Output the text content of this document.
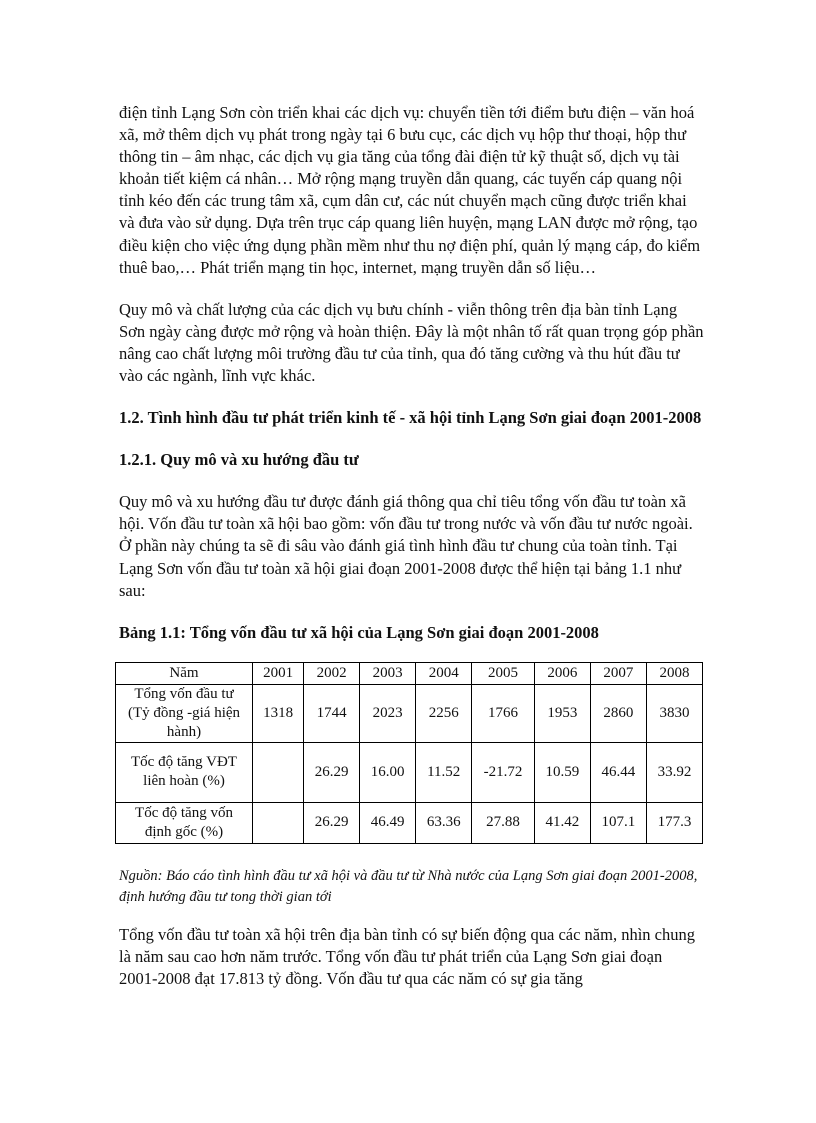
điện tỉnh Lạng Sơn còn triển khai các dịch vụ: chuyển tiền tới điểm bưu điện – văn hoá xã, mở thêm dịch vụ phát trong ngày tại 6 bưu cục, các dịch vụ hộp thư thoại, hộp thư thông tin – âm nhạc, các dịch vụ gia tăng của tổng đài điện tử kỹ thuật số, dịch vụ tài khoản tiết kiệm cá nhân… Mở rộng mạng truyền dẫn quang, các tuyến cáp quang nội tỉnh kéo đến các trung tâm xã, cụm dân cư, các nút chuyển mạch cũng được triển khai và đưa vào sử dụng. Dựa trên trục cáp quang liên huyện, mạng LAN được mở rộng, tạo điều kiện cho việc ứng dụng phần mềm như thu nợ điện phí, quản lý mạng cáp, đo kiểm thuê bao,… Phát triển mạng tin học, internet, mạng truyền dẫn số liệu…

Quy mô và chất lượng của các dịch vụ bưu chính - viễn thông trên địa bàn tỉnh Lạng Sơn ngày càng được mở rộng và hoàn thiện. Đây là một nhân tố rất quan trọng góp phần nâng cao chất lượng môi trường đầu tư của tỉnh, qua đó tăng cường và thu hút đầu tư vào các ngành, lĩnh vực khác.

1.2. Tình hình đầu tư phát triển kinh tế - xã hội tỉnh Lạng Sơn giai đoạn 2001-2008
1.2.1. Quy mô và xu hướng đầu tư

Quy mô và xu hướng đầu tư được đánh giá thông qua chỉ tiêu tổng vốn đầu tư toàn xã hội. Vốn đầu tư toàn xã hội bao gồm: vốn đầu tư trong nước và vốn đầu tư nước ngoài. Ở phần này chúng ta sẽ đi sâu vào đánh giá tình hình đầu tư chung của toàn tỉnh. Tại Lạng Sơn vốn đầu tư toàn xã hội giai đoạn 2001-2008 được thể hiện tại bảng 1.1 như sau:

Bảng 1.1: Tổng vốn đầu tư xã hội của Lạng Sơn giai đoạn 2001-2008
Năm	2001	2002	2003	2004	2005	2006	2007	2008
Tổng vốn đầu tư (Tỷ đồng -giá hiện hành)	1318	1744	2023	2256	1766	1953	2860	3830
Tốc độ tăng VĐT liên hoàn (%)		26.29	16.00	11.52	-21.72	10.59	46.44	33.92
Tốc độ tăng vốn định gốc (%)		26.29	46.49	63.36	27.88	41.42	107.1	177.3

Nguồn: Báo cáo tình hình đầu tư xã hội và đầu tư từ Nhà nước của Lạng Sơn giai đoạn 2001-2008, định hướng đầu tư tong thời gian tới

Tổng vốn đầu tư toàn xã hội trên địa bàn tỉnh có sự biến động qua các năm, nhìn chung là năm sau cao hơn năm trước. Tổng vốn đầu tư phát triển của Lạng Sơn giai đoạn 2001-2008 đạt 17.813 tỷ đồng. Vốn đầu tư qua các năm có sự gia tăng
